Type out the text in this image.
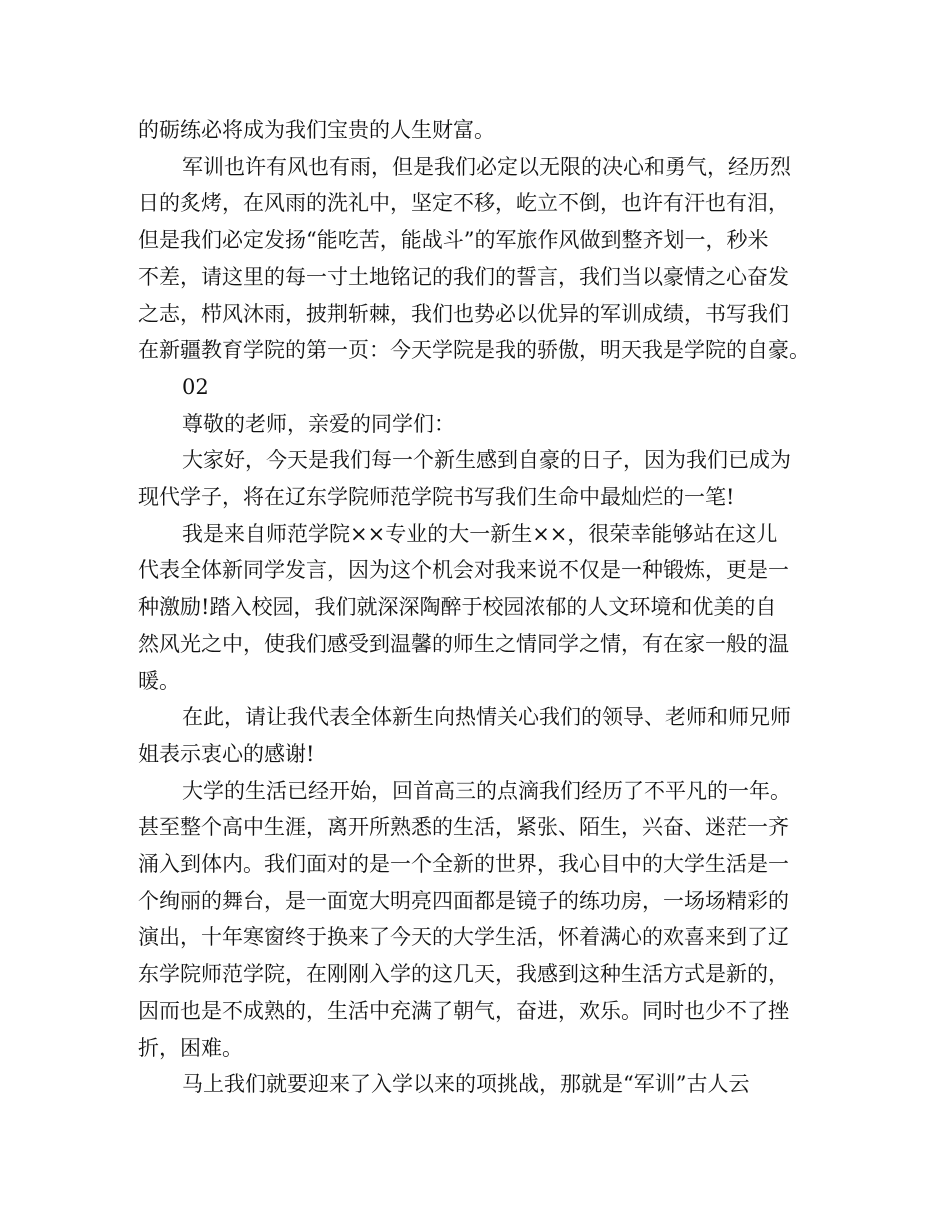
的砺练必将成为我们宝贵的人生财富。
军训也许有风也有雨，但是我们必定以无限的决心和勇气，经历烈
日的炙烤，在风雨的洗礼中，坚定不移，屹立不倒，也许有汗也有泪，
但是我们必定发扬“能吃苦，能战斗”的军旅作风做到整齐划一，秒米
不差，请这里的每一寸土地铭记的我们的誓言，我们当以豪情之心奋发
之志，栉风沐雨，披荆斩棘，我们也势必以优异的军训成绩，书写我们
在新疆教育学院的第一页：今天学院是我的骄傲，明天我是学院的自豪。
02
尊敬的老师，亲爱的同学们：
大家好，今天是我们每一个新生感到自豪的日子，因为我们已成为
现代学子，将在辽东学院师范学院书写我们生命中最灿烂的一笔!
我是来自师范学院××专业的大一新生××，很荣幸能够站在这儿
代表全体新同学发言，因为这个机会对我来说不仅是一种锻炼，更是一
种激励!踏入校园，我们就深深陶醉于校园浓郁的人文环境和优美的自
然风光之中，使我们感受到温馨的师生之情同学之情，有在家一般的温
暖。
在此，请让我代表全体新生向热情关心我们的领导、老师和师兄师
姐表示衷心的感谢!
大学的生活已经开始，回首高三的点滴我们经历了不平凡的一年。
甚至整个高中生涯，离开所熟悉的生活，紧张、陌生，兴奋、迷茫一齐
涌入到体内。我们面对的是一个全新的世界，我心目中的大学生活是一
个绚丽的舞台，是一面宽大明亮四面都是镜子的练功房，一场场精彩的
演出，十年寒窗终于换来了今天的大学生活，怀着满心的欢喜来到了辽
东学院师范学院，在刚刚入学的这几天，我感到这种生活方式是新的，
因而也是不成熟的，生活中充满了朝气，奋进，欢乐。同时也少不了挫
折，困难。
马上我们就要迎来了入学以来的项挑战，那就是“军训”古人云
